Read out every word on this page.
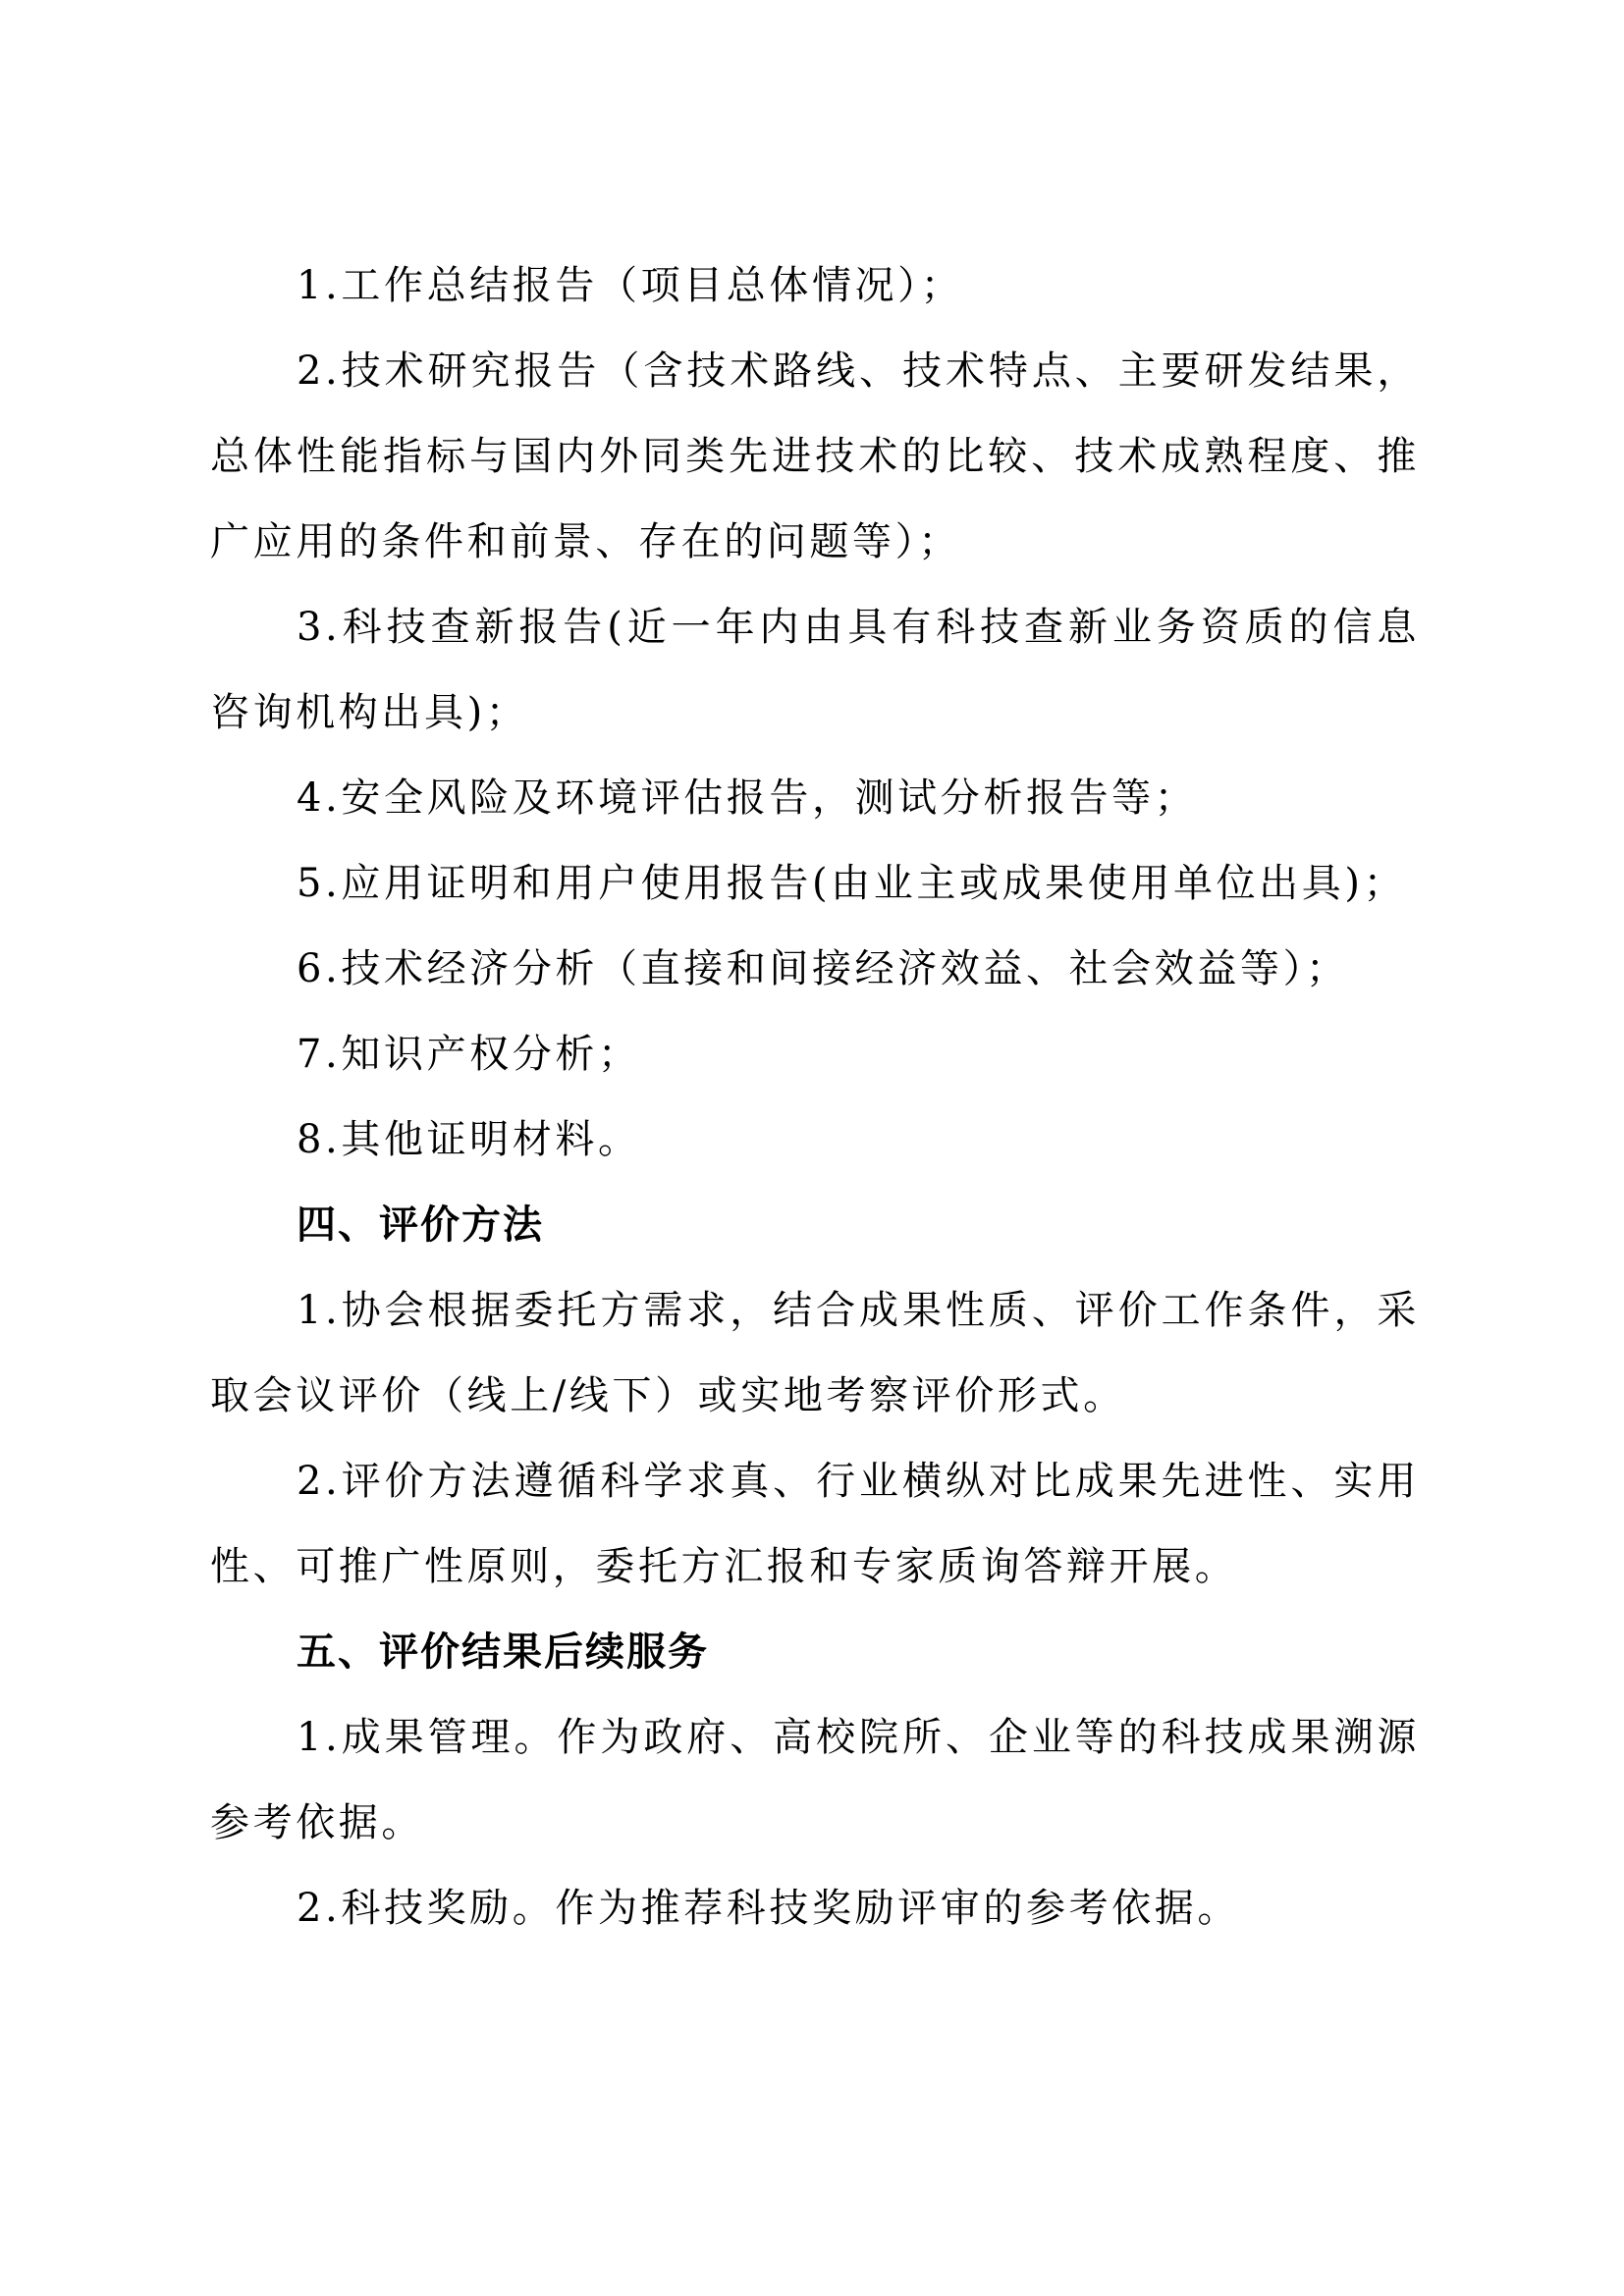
1.工作总结报告（项目总体情况）；

2.技术研究报告（含技术路线、技术特点、主要研发结果，总体性能指标与国内外同类先进技术的比较、技术成熟程度、推广应用的条件和前景、存在的问题等）；

3.科技查新报告(近一年内由具有科技查新业务资质的信息咨询机构出具)；

4.安全风险及环境评估报告，测试分析报告等；

5.应用证明和用户使用报告(由业主或成果使用单位出具)；

6.技术经济分析（直接和间接经济效益、社会效益等）；

7.知识产权分析；

8.其他证明材料。

四、评价方法

1.协会根据委托方需求，结合成果性质、评价工作条件，采取会议评价（线上/线下）或实地考察评价形式。

2.评价方法遵循科学求真、行业横纵对比成果先进性、实用性、可推广性原则，委托方汇报和专家质询答辩开展。

五、评价结果后续服务

1.成果管理。作为政府、高校院所、企业等的科技成果溯源参考依据。

2.科技奖励。作为推荐科技奖励评审的参考依据。
